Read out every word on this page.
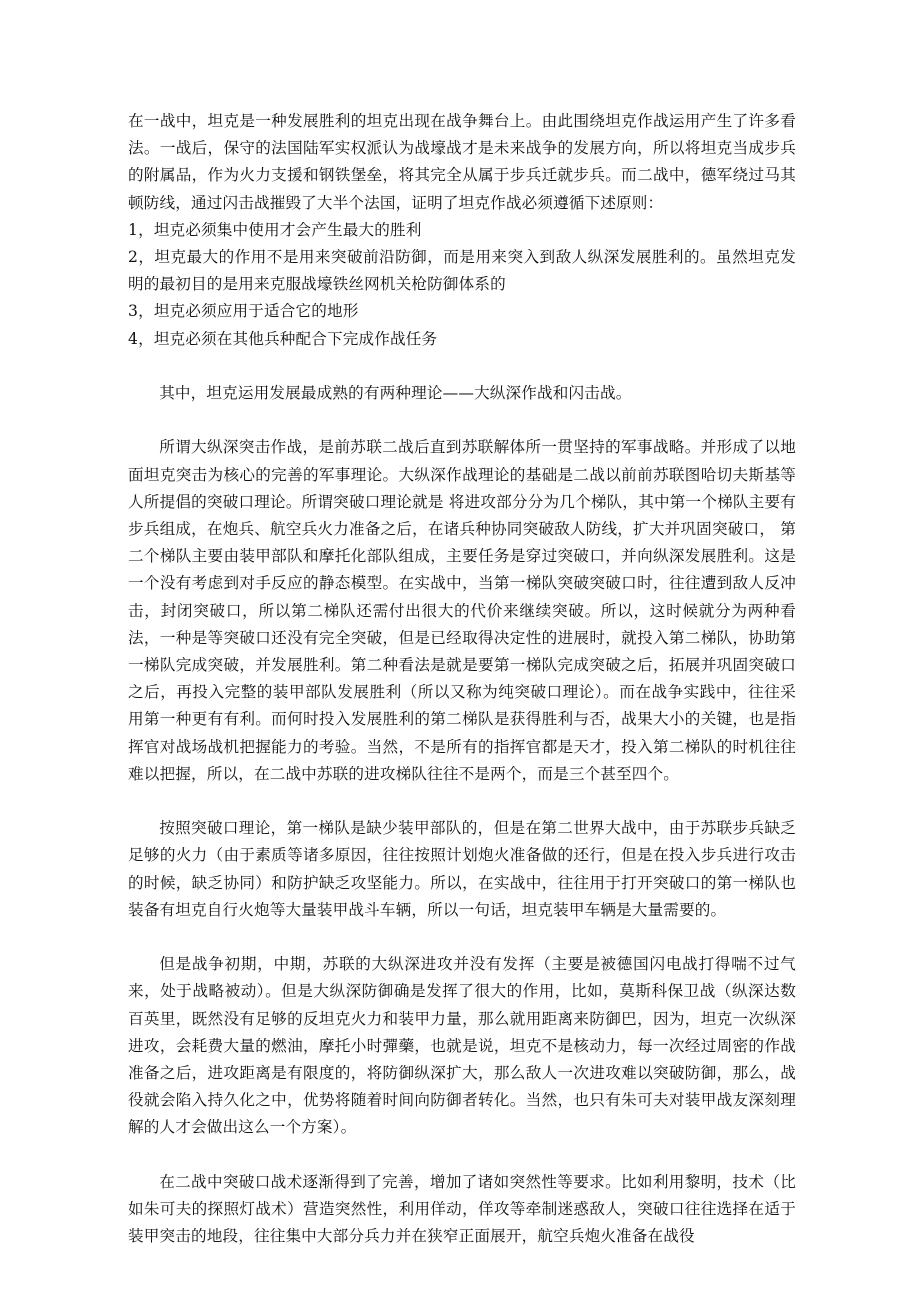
在一战中，坦克是一种发展胜利的坦克出现在战争舞台上。由此围绕坦克作战运用产生了许多看法。一战后，保守的法国陆军实权派认为战壕战才是未来战争的发展方向，所以将坦克当成步兵的附属品，作为火力支援和钢铁堡垒，将其完全从属于步兵迁就步兵。而二战中，德军绕过马其顿防线，通过闪击战摧毁了大半个法国，证明了坦克作战必须遵循下述原则：

1，坦克必须集中使用才会产生最大的胜利

2，坦克最大的作用不是用来突破前沿防御，而是用来突入到敌人纵深发展胜利的。虽然坦克发明的最初目的是用来克服战壕铁丝网机关枪防御体系的

3，坦克必须应用于适合它的地形

4，坦克必须在其他兵种配合下完成作战任务

其中，坦克运用发展最成熟的有两种理论——大纵深作战和闪击战。

所谓大纵深突击作战，是前苏联二战后直到苏联解体所一贯坚持的军事战略。并形成了以地面坦克突击为核心的完善的军事理论。大纵深作战理论的基础是二战以前前苏联图哈切夫斯基等人所提倡的突破口理论。所谓突破口理论就是 将进攻部分分为几个梯队，其中第一个梯队主要有步兵组成，在炮兵、航空兵火力准备之后，在诸兵种协同突破敌人防线，扩大并巩固突破口， 第二个梯队主要由装甲部队和摩托化部队组成，主要任务是穿过突破口，并向纵深发展胜利。这是一个没有考虑到对手反应的静态模型。在实战中，当第一梯队突破突破口时，往往遭到敌人反冲击，封闭突破口，所以第二梯队还需付出很大的代价来继续突破。所以，这时候就分为两种看法，一种是等突破口还没有完全突破，但是已经取得决定性的进展时，就投入第二梯队，协助第一梯队完成突破，并发展胜利。第二种看法是就是要第一梯队完成突破之后，拓展并巩固突破口之后，再投入完整的装甲部队发展胜利（所以又称为纯突破口理论）。而在战争实践中，往往采用第一种更有有利。而何时投入发展胜利的第二梯队是获得胜利与否，战果大小的关键，也是指挥官对战场战机把握能力的考验。当然，不是所有的指挥官都是天才，投入第二梯队的时机往往难以把握，所以，在二战中苏联的进攻梯队往往不是两个，而是三个甚至四个。

按照突破口理论，第一梯队是缺少装甲部队的，但是在第二世界大战中，由于苏联步兵缺乏足够的火力（由于素质等诸多原因，往往按照计划炮火准备做的还行，但是在投入步兵进行攻击的时候，缺乏协同）和防护缺乏攻坚能力。所以，在实战中，往往用于打开突破口的第一梯队也装备有坦克自行火炮等大量装甲战斗车辆，所以一句话，坦克装甲车辆是大量需要的。

但是战争初期，中期，苏联的大纵深进攻并没有发挥（主要是被德国闪电战打得喘不过气来，处于战略被动）。但是大纵深防御确是发挥了很大的作用，比如，莫斯科保卫战（纵深达数百英里，既然没有足够的反坦克火力和装甲力量，那么就用距离来防御巴，因为，坦克一次纵深进攻，会耗费大量的燃油，摩托小时彈藥，也就是说，坦克不是核动力，每一次经过周密的作战准备之后，进攻距离是有限度的，将防御纵深扩大，那么敌人一次进攻难以突破防御，那么，战役就会陷入持久化之中，优势将随着时间向防御者转化。当然，也只有朱可夫对装甲战友深刻理解的人才会做出这么一个方案）。

在二战中突破口战术逐渐得到了完善，增加了诸如突然性等要求。比如利用黎明，技术（比如朱可夫的探照灯战术）营造突然性，利用佯动，佯攻等牵制迷惑敌人，突破口往往选择在适于装甲突击的地段，往往集中大部分兵力并在狭窄正面展开，航空兵炮火准备在战役
